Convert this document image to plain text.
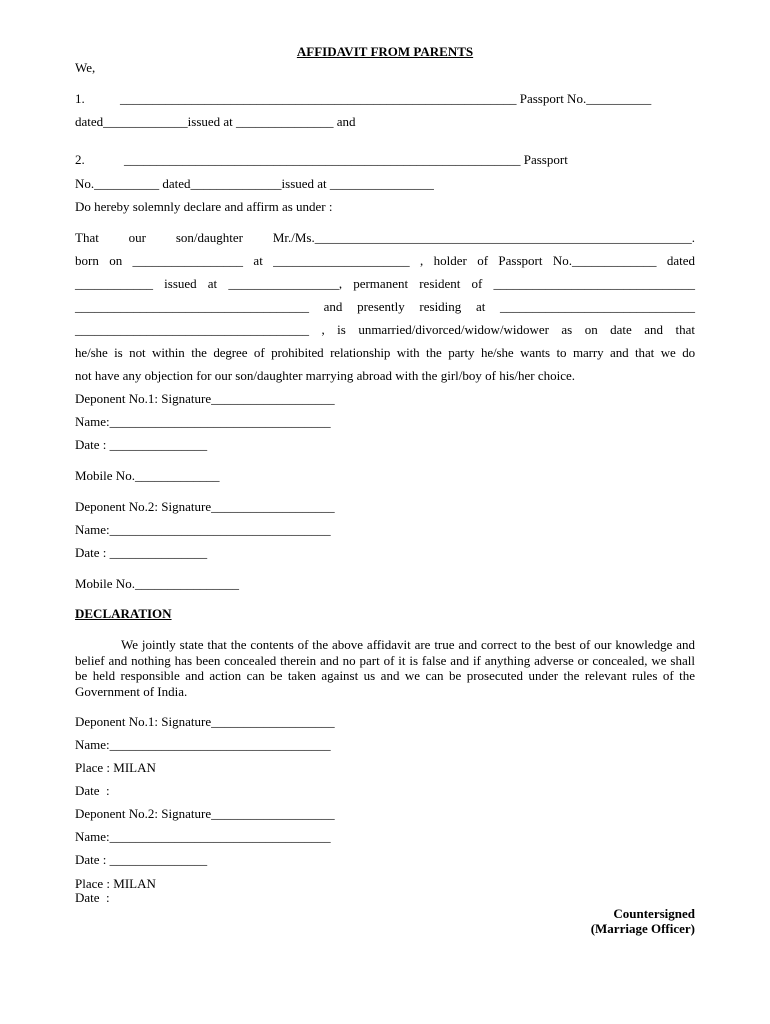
AFFIDAVIT FROM PARENTS
We,
1.	_____________________________________________________________ Passport No.__________
dated_____________issued at _______________ and
2.	_____________________________________________________________ Passport
No.__________ dated______________issued at ________________
Do hereby solemnly declare and affirm as under :
That our son/daughter Mr./Ms.__________________________________________________________.
born on _________________ at _____________________ , holder of Passport No._____________ dated
____________ issued at _________________, permanent resident of _______________________________
____________________________________ and presently residing at ______________________________
____________________________________ , is unmarried/divorced/widow/widower as on date and that
he/she is not within the degree of prohibited relationship with the party he/she wants to marry and that we do
not have any objection for our son/daughter marrying abroad with the girl/boy of his/her choice.
Deponent No.1: Signature___________________
Name:__________________________________
Date : _______________
Mobile No._____________
Deponent No.2: Signature___________________
Name:__________________________________
Date : _______________
Mobile No.________________
DECLARATION
We jointly state that the contents of the above affidavit are true and correct to the best of our knowledge and belief and nothing has been concealed therein and no part of it is false and if anything adverse or concealed, we shall be held responsible and action can be taken against us and we can be prosecuted under the relevant rules of the Government of India.
Deponent No.1: Signature___________________
Name:__________________________________
Place : MILAN
Date  :
Deponent No.2: Signature___________________
Name:__________________________________
Date : _______________
Place : MILAN
Date  :
Countersigned
(Marriage Officer)
